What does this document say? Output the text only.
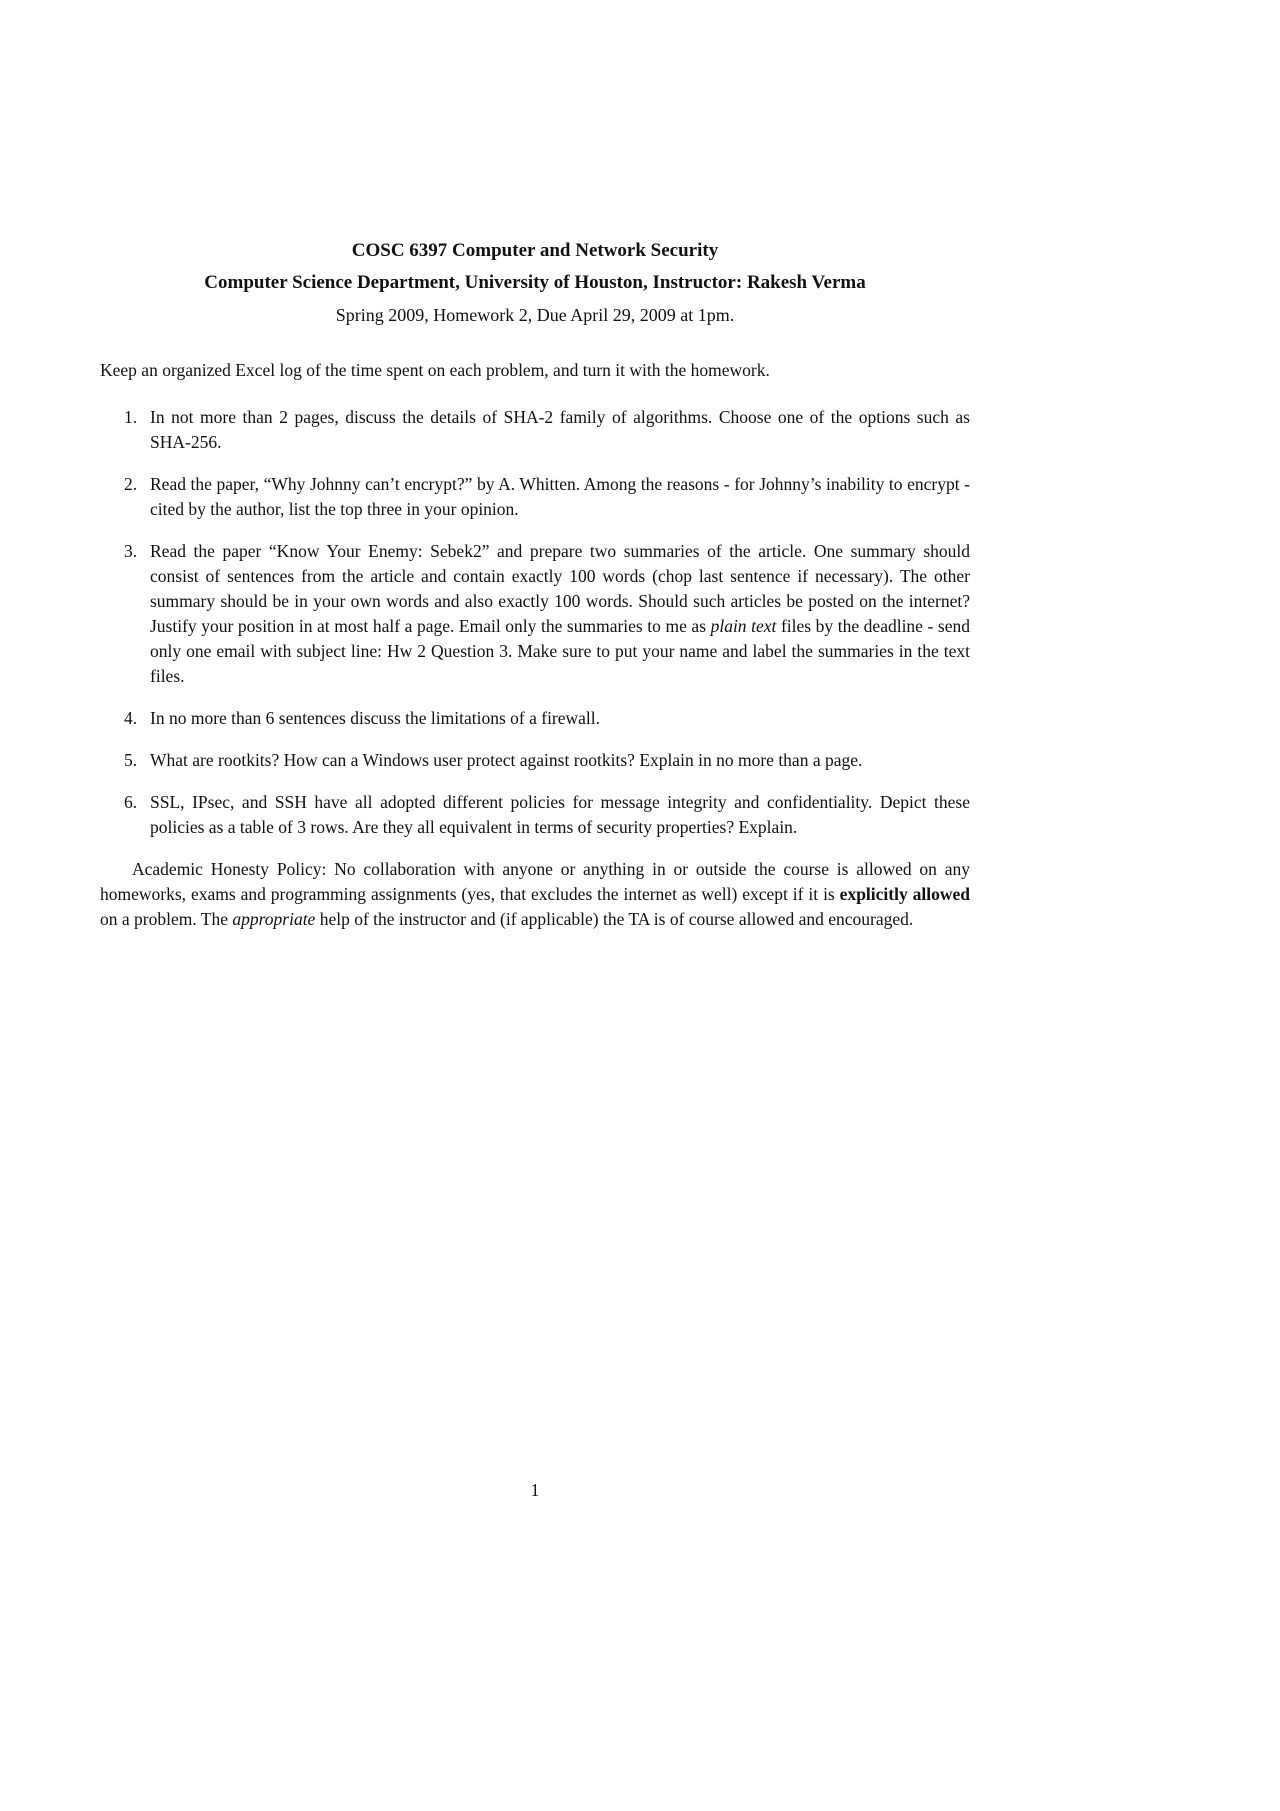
COSC 6397 Computer and Network Security
Computer Science Department, University of Houston, Instructor: Rakesh Verma
Spring 2009, Homework 2, Due April 29, 2009 at 1pm.

Keep an organized Excel log of the time spent on each problem, and turn it with the homework.

1. In not more than 2 pages, discuss the details of SHA-2 family of algorithms. Choose one of the options such as SHA-256.
2. Read the paper, “Why Johnny can’t encrypt?” by A. Whitten. Among the reasons - for Johnny’s inability to encrypt - cited by the author, list the top three in your opinion.
3. Read the paper “Know Your Enemy: Sebek2” and prepare two summaries of the article. One summary should consist of sentences from the article and contain exactly 100 words (chop last sentence if necessary). The other summary should be in your own words and also exactly 100 words. Should such articles be posted on the internet? Justify your position in at most half a page. Email only the summaries to me as plain text files by the deadline - send only one email with subject line: Hw 2 Question 3. Make sure to put your name and label the summaries in the text files.
4. In no more than 6 sentences discuss the limitations of a firewall.
5. What are rootkits? How can a Windows user protect against rootkits? Explain in no more than a page.
6. SSL, IPsec, and SSH have all adopted different policies for message integrity and confidentiality. Depict these policies as a table of 3 rows. Are they all equivalent in terms of security properties? Explain.

Academic Honesty Policy: No collaboration with anyone or anything in or outside the course is allowed on any homeworks, exams and programming assignments (yes, that excludes the internet as well) except if it is explicitly allowed on a problem. The appropriate help of the instructor and (if applicable) the TA is of course allowed and encouraged.

1
